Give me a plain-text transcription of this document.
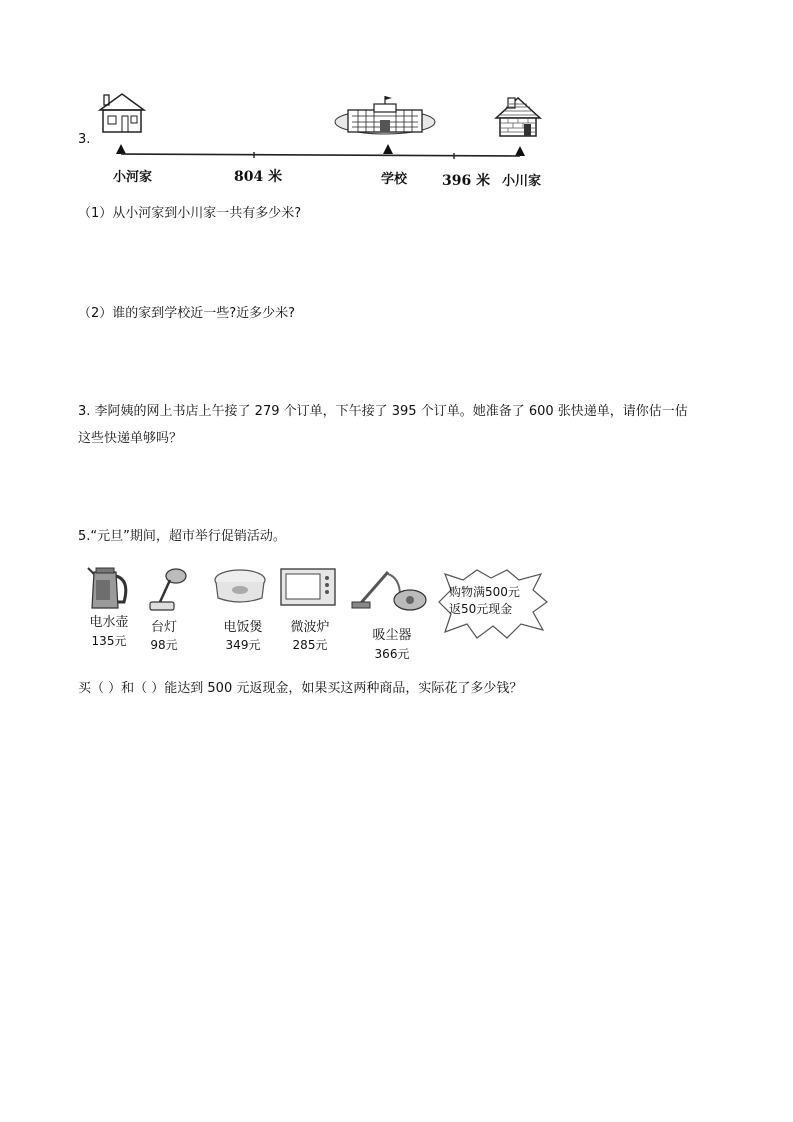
3.
小河家	804 米	学校 396 米 小川家
（1）从小河家到小川家一共有多少米?
（2）谁的家到学校近一些?近多少米?
3. 李阿姨的网上书店上午接了 279 个订单，下午接了 395 个订单。她准备了 600 张快递单，请你估一估
这些快递单够吗？
5.“元旦”期间，超市举行促销活动。
电水壶
135元
台灯
98元
电饭煲
349元
微波炉
285元
吸尘器
366元
购物满500元
返50元现金
买（ ）和（ ）能达到 500 元返现金，如果买这两种商品，实际花了多少钱？
